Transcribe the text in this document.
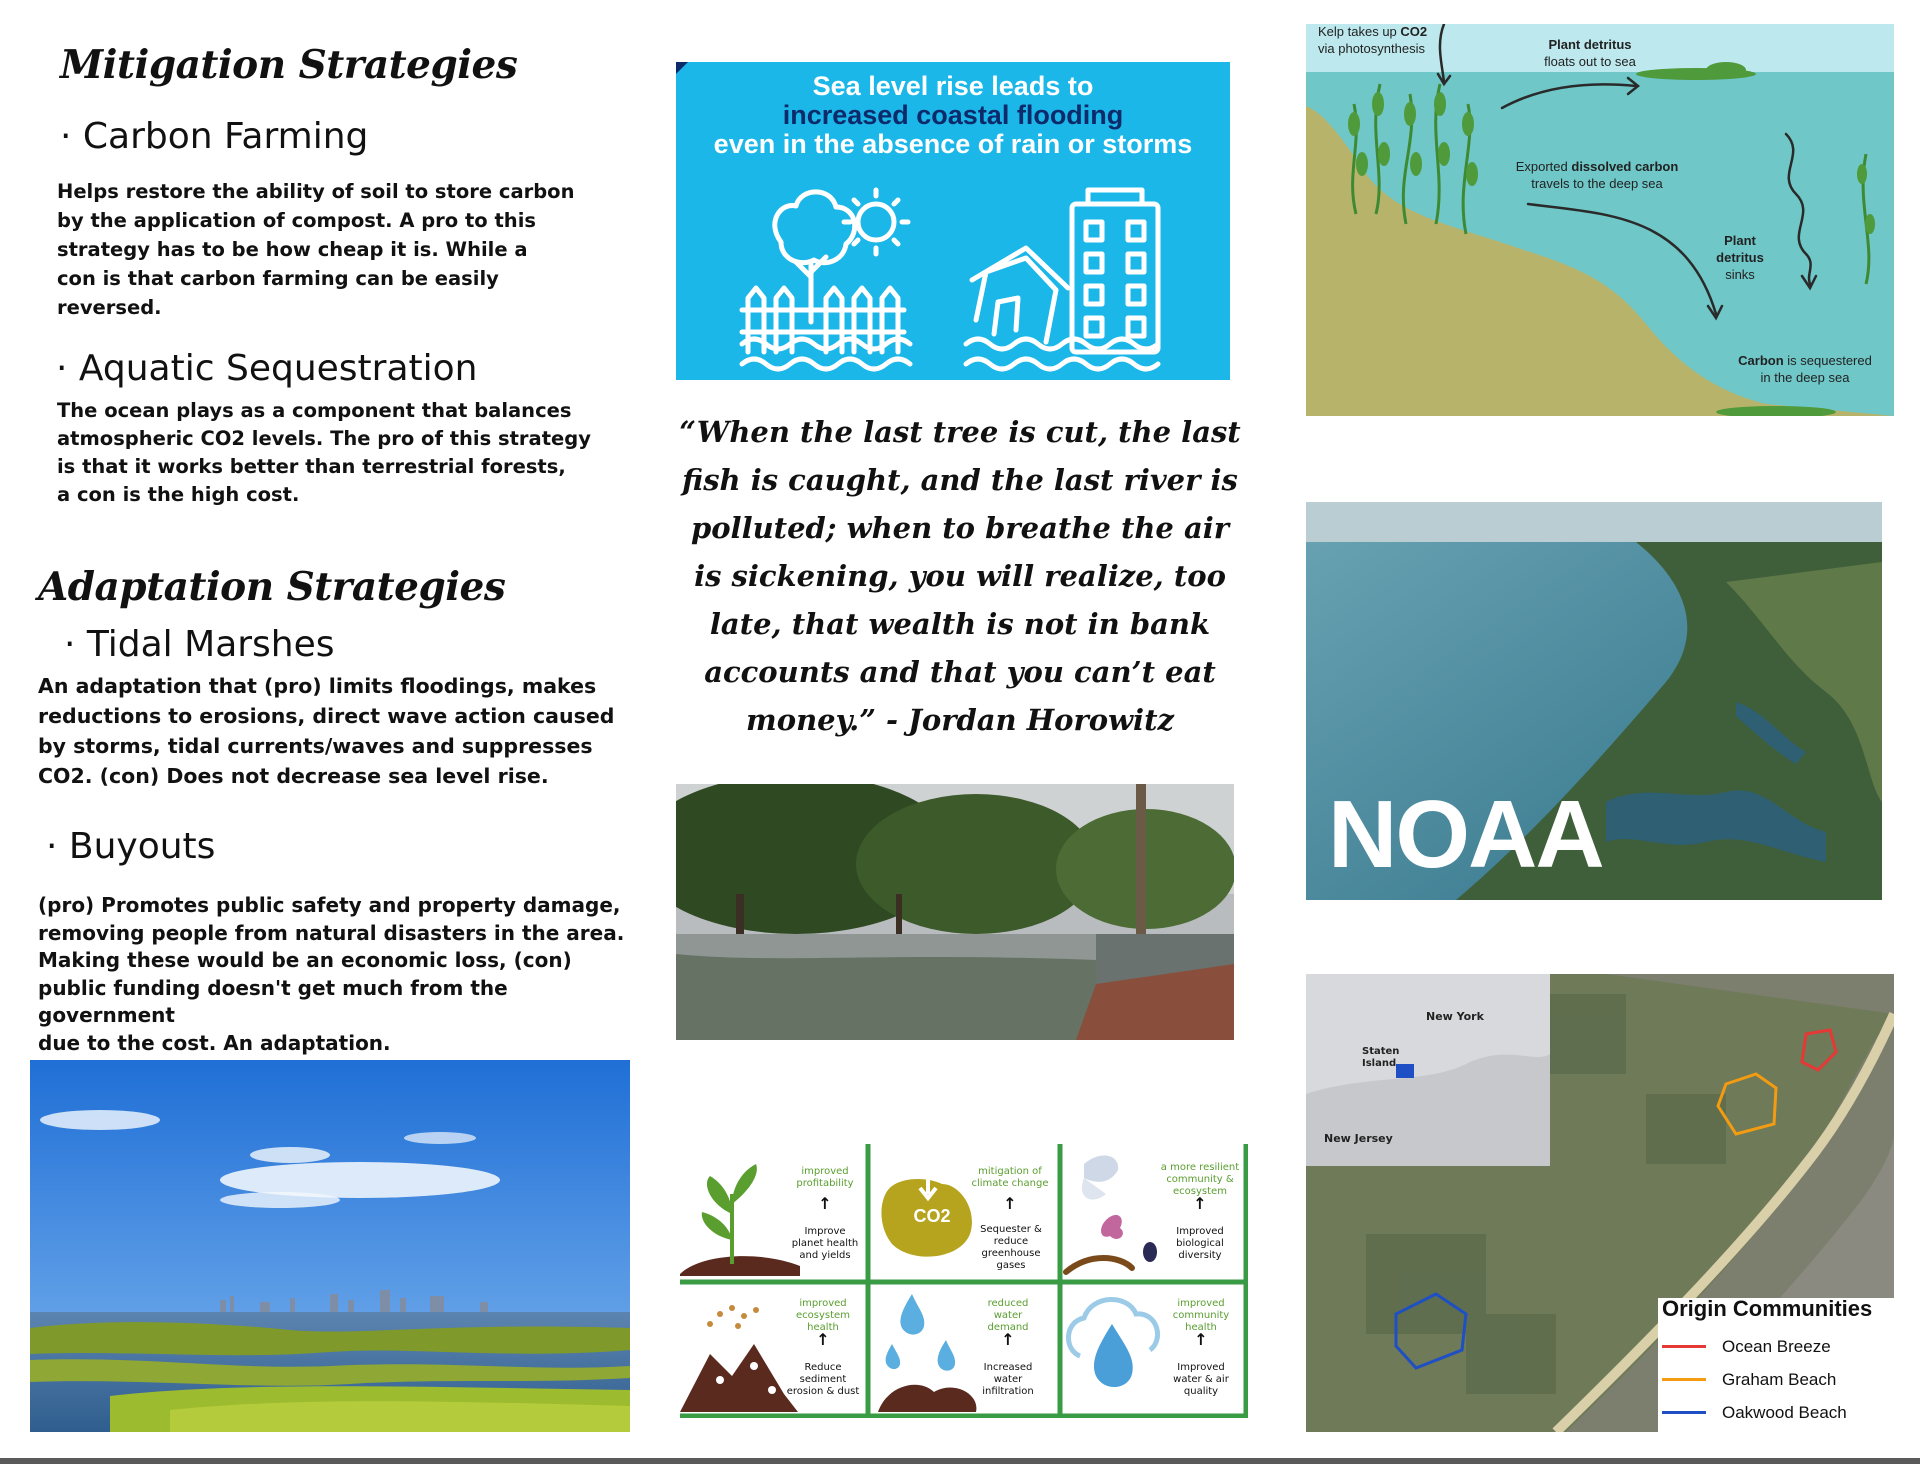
Mitigation Strategies
· Carbon Farming

Helps restore the ability of soil to store carbon

by the application of compost. A pro to this

strategy has to be how cheap it is. While a

con is that carbon farming can be easily

reversed.

· Aquatic Sequestration

The ocean plays as a component that balances

atmospheric CO2 levels. The pro of this strategy

is that it works better than terrestrial forests,

a con is the high cost.

Adaptation Strategies
· Tidal Marshes

An adaptation that (pro) limits floodings, makes

reductions to erosions, direct wave action caused

by storms, tidal currents/waves and suppresses

CO2. (con) Does not decrease sea level rise.

· Buyouts

(pro) Promotes public safety and property damage,

removing people from natural disasters in the area.

Making these would be an economic loss, (con)

public funding doesn't get much from the government

due to the cost. An adaptation.

Sea level rise leads to
increased coastal flooding
even in the absence of rain or storms

“When the last tree is cut, the last

fish is caught, and the last river is

polluted; when to breathe the air

is sickening, you will realize, too

late, that wealth is not in bank

accounts and that you can’t eat

money.” - Jordan Horowitz

improved profitability
↑
Improve planet health and yields
mitigation of climate change
↑
Sequester & reduce greenhouse gases
CO2
a more resilient community & ecosystem
↑
Improved biological diversity
improved ecosystem health
↑
Reduce sediment erosion & dust
reduced water demand
↑
Increased water infiltration
improved community health
↑
Improved water & air quality
Kelp takes up CO2
via photosynthesis	Plant detritus
floats out to sea
Exported dissolved carbon
travels to the deep sea
Plant
detritus
sinks
Carbon is sequestered
in the deep sea
NOAA
New York
Staten
Island
New Jersey
Origin Communities
Ocean Breeze
Graham Beach
Oakwood Beach
